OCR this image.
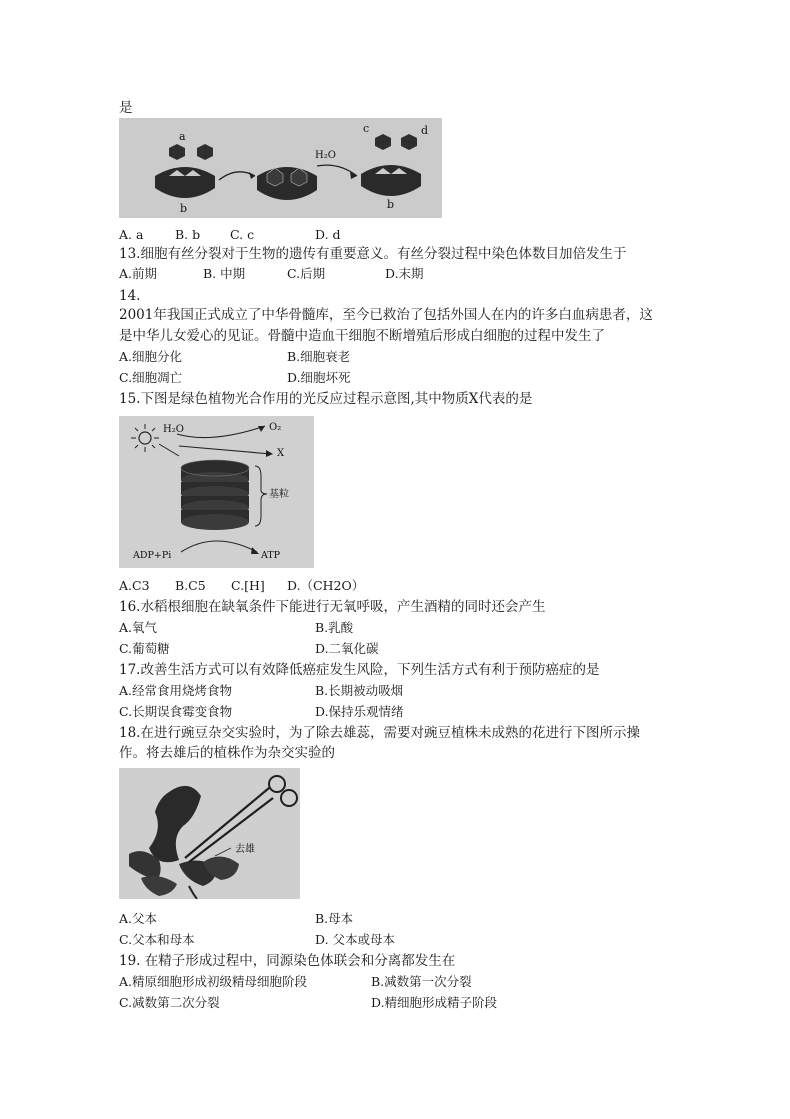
是
a
b
H₂O
c	d
b
A. a	B. b C. c	D. d
13.细胞有丝分裂对于生物的遗传有重要意义。有丝分裂过程中染色体数目加倍发生于
A.前期	B. 中期	C.后期	D.末期
14.
2001年我国正式成立了中华骨髓库，至今已救治了包括外国人在内的许多白血病患者，这
是中华儿女爱心的见证。骨髓中造血干细胞不断增殖后形成白细胞的过程中发生了
A.细胞分化	B.细胞衰老
C.细胞凋亡	D.细胞坏死
15.下图是绿色植物光合作用的光反应过程示意图,其中物质X代表的是
H₂O	O₂
X
基粒
ADP+Pi	ATP
A.C3 B.C5 C.[H] D.（CH2O）
16.水稻根细胞在缺氧条件下能进行无氧呼吸，产生酒精的同时还会产生
A.氧气	B.乳酸
C.葡萄糖	D.二氧化碳
17.改善生活方式可以有效降低癌症发生风险，下列生活方式有利于预防癌症的是
A.经常食用烧烤食物	B.长期被动吸烟
C.长期误食霉变食物	D.保持乐观情绪
18.在进行豌豆杂交实验时，为了除去雄蕊，需要对豌豆植株未成熟的花进行下图所示操
作。将去雄后的植株作为杂交实验的
去雄
A.父本	B.母本
C.父本和母本	D. 父本或母本
19. 在精子形成过程中，同源染色体联会和分离都发生在
A.精原细胞形成初级精母细胞阶段	B.减数第一次分裂
C.减数第二次分裂	D.精细胞形成精子阶段
